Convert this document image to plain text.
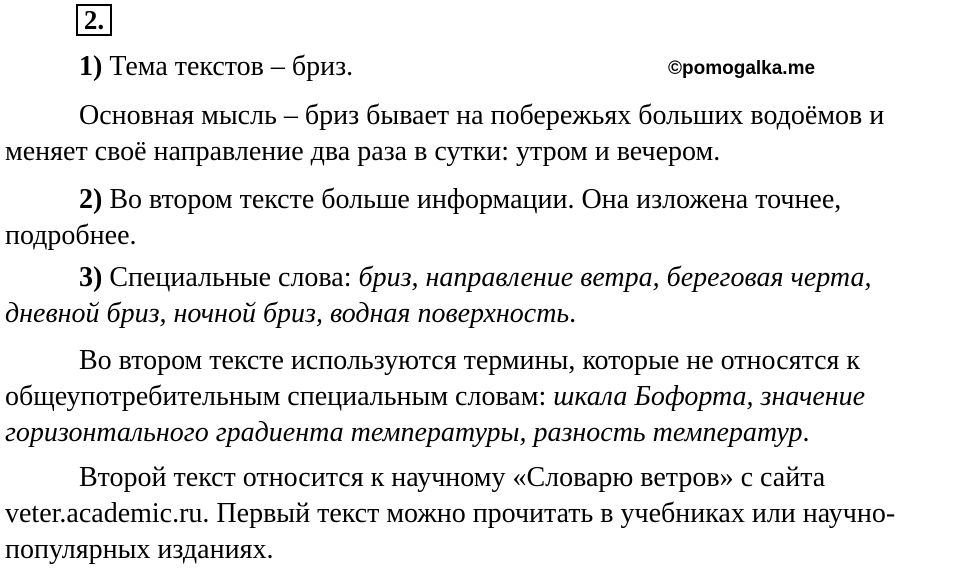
2.
©pomogalka.me
1) Тема текстов – бриз.
Основная мысль – бриз бывает на побережьях больших водоёмов и
меняет своё направление два раза в сутки: утром и вечером.
2) Во втором тексте больше информации. Она изложена точнее,
подробнее.
3) Специальные слова: бриз, направление ветра, береговая черта,
дневной бриз, ночной бриз, водная поверхность.
Во втором тексте используются термины, которые не относятся к
общеупотребительным специальным словам: шкала Бофорта, значение
горизонтального градиента температуры, разность температур.
Второй текст относится к научному «Словарю ветров» с сайта
veter.academic.ru. Первый текст можно прочитать в учебниках или научно-
популярных изданиях.
